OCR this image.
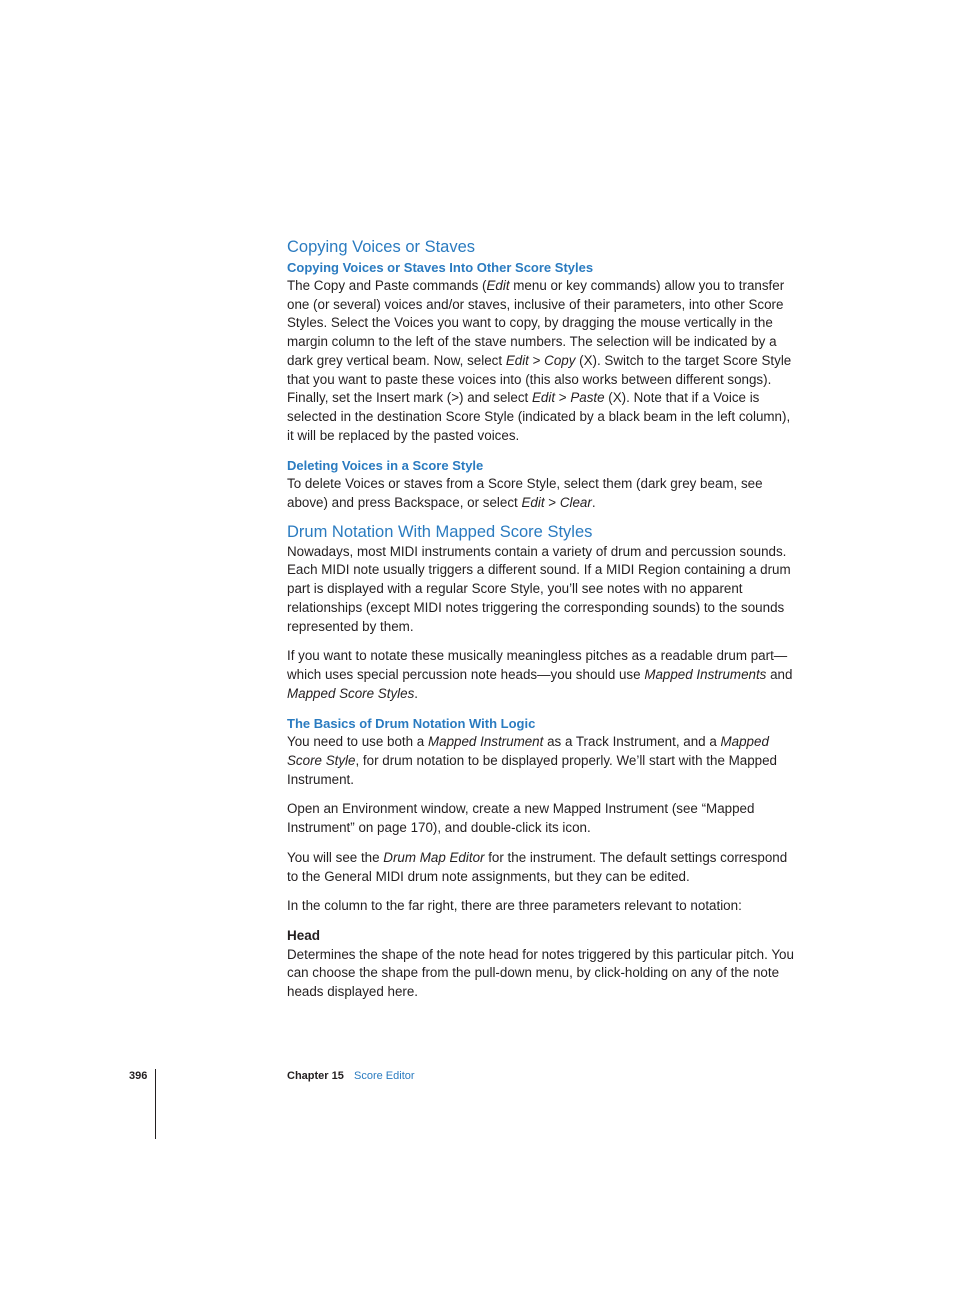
Copying Voices or Staves
Copying Voices or Staves Into Other Score Styles

The Copy and Paste commands (Edit menu or key commands) allow you to transfer one (or several) voices and/or staves, inclusive of their parameters, into other Score Styles. Select the Voices you want to copy, by dragging the mouse vertically in the margin column to the left of the stave numbers. The selection will be indicated by a dark grey vertical beam. Now, select Edit > Copy (X). Switch to the target Score Style that you want to paste these voices into (this also works between different songs). Finally, set the Insert mark (>) and select Edit > Paste (X). Note that if a Voice is selected in the destination Score Style (indicated by a black beam in the left column), it will be replaced by the pasted voices.

Deleting Voices in a Score Style

To delete Voices or staves from a Score Style, select them (dark grey beam, see above) and press Backspace, or select Edit > Clear.

Drum Notation With Mapped Score Styles

Nowadays, most MIDI instruments contain a variety of drum and percussion sounds. Each MIDI note usually triggers a different sound. If a MIDI Region containing a drum part is displayed with a regular Score Style, you’ll see notes with no apparent relationships (except MIDI notes triggering the corresponding sounds) to the sounds represented by them.

If you want to notate these musically meaningless pitches as a readable drum part—which uses special percussion note heads—you should use Mapped Instruments and Mapped Score Styles.

The Basics of Drum Notation With Logic

You need to use both a Mapped Instrument as a Track Instrument, and a Mapped Score Style, for drum notation to be displayed properly. We’ll start with the Mapped Instrument.

Open an Environment window, create a new Mapped Instrument (see “Mapped Instrument” on page 170), and double-click its icon.

You will see the Drum Map Editor for the instrument. The default settings correspond to the General MIDI drum note assignments, but they can be edited.

In the column to the far right, there are three parameters relevant to notation:

Head

Determines the shape of the note head for notes triggered by this particular pitch. You can choose the shape from the pull-down menu, by click-holding on any of the note heads displayed here.

396	Chapter 15 Score Editor
